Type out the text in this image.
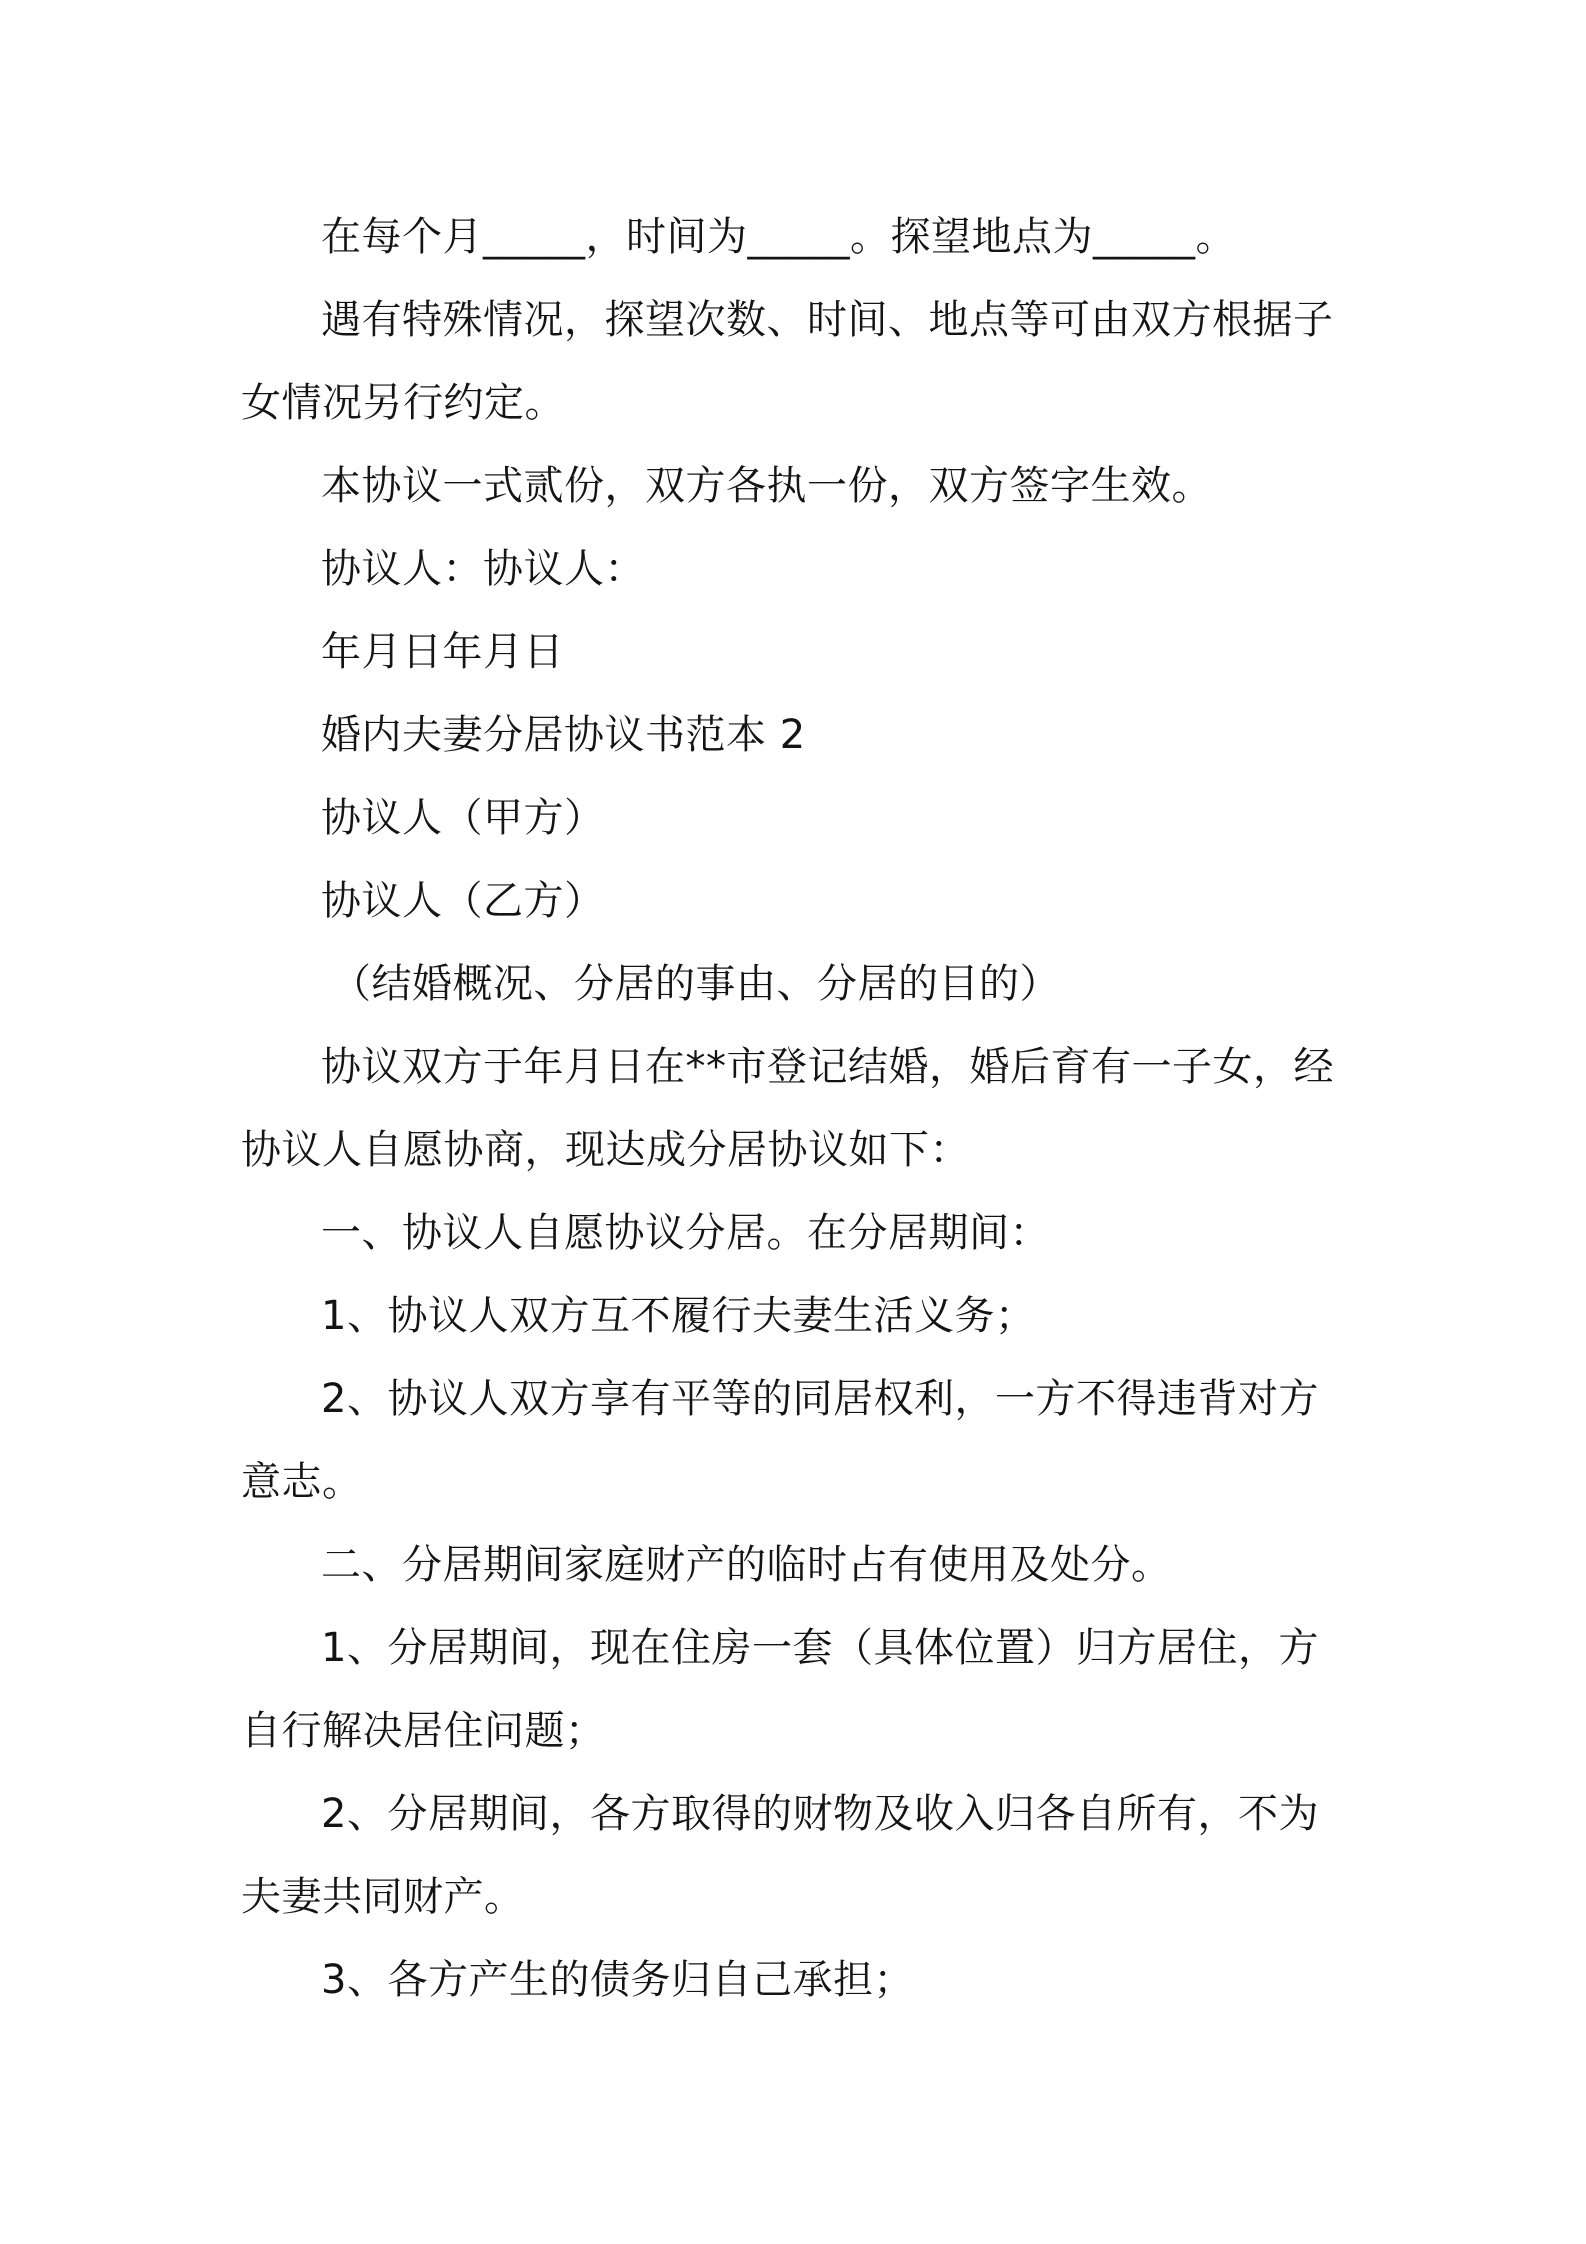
在每个月_____，时间为_____。探望地点为_____。

遇有特殊情况，探望次数、时间、地点等可由双方根据子女情况另行约定。

本协议一式贰份，双方各执一份，双方签字生效。

协议人：协议人：

年月日年月日

婚内夫妻分居协议书范本 2

协议人（甲方）

协议人（乙方）

（结婚概况、分居的事由、分居的目的）

协议双方于年月日在**市登记结婚，婚后育有一子女，经协议人自愿协商，现达成分居协议如下：

一、协议人自愿协议分居。在分居期间：

1、协议人双方互不履行夫妻生活义务；

2、协议人双方享有平等的同居权利，一方不得违背对方意志。

二、分居期间家庭财产的临时占有使用及处分。

1、分居期间，现在住房一套（具体位置）归方居住，方自行解决居住问题；

2、分居期间，各方取得的财物及收入归各自所有，不为夫妻共同财产。

3、各方产生的债务归自己承担；
